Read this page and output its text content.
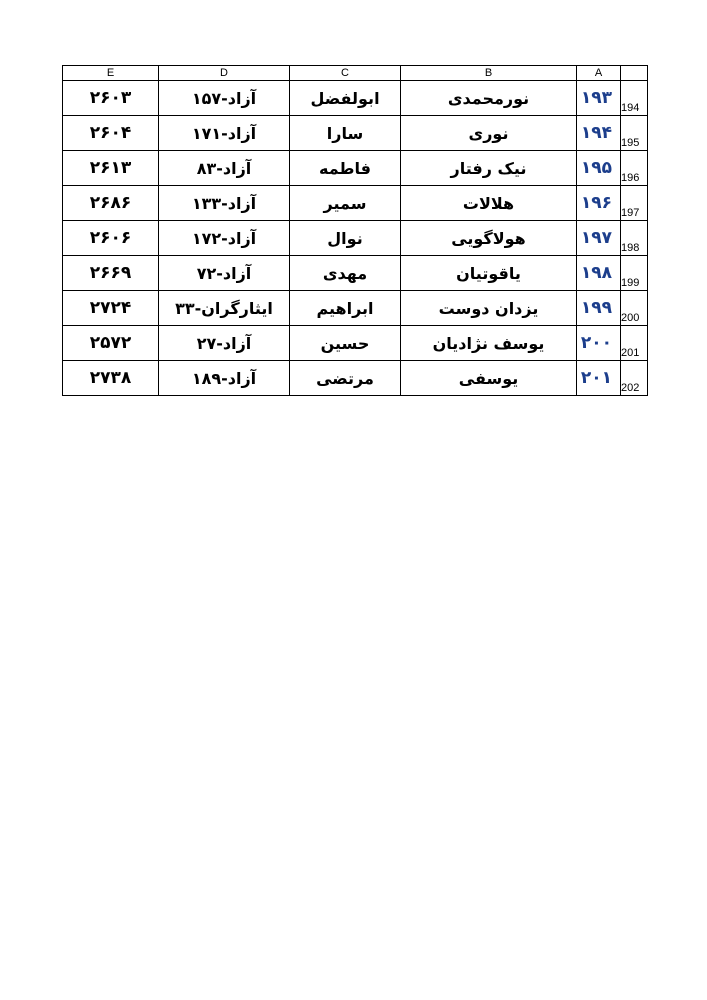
E	D	C	B	A	
۲۶۰۳	آزاد-۱۵۷	ابولفضل	نورمحمدی	۱۹۳	194
۲۶۰۴	آزاد-۱۷۱	سارا	نوری	۱۹۴	195
۲۶۱۳	آزاد-۸۳	فاطمه	نیک رفتار	۱۹۵	196
۲۶۸۶	آزاد-۱۳۳	سمیر	هلالات	۱۹۶	197
۲۶۰۶	آزاد-۱۷۲	نوال	هولاگویی	۱۹۷	198
۲۶۶۹	آزاد-۷۲	مهدی	یاقوتیان	۱۹۸	199
۲۷۲۴	ایثارگران-۳۳	ابراهیم	یزدان دوست	۱۹۹	200
۲۵۷۲	آزاد-۲۷	حسین	یوسف نژادیان	۲۰۰	201
۲۷۳۸	آزاد-۱۸۹	مرتضی	یوسفی	۲۰۱	202
